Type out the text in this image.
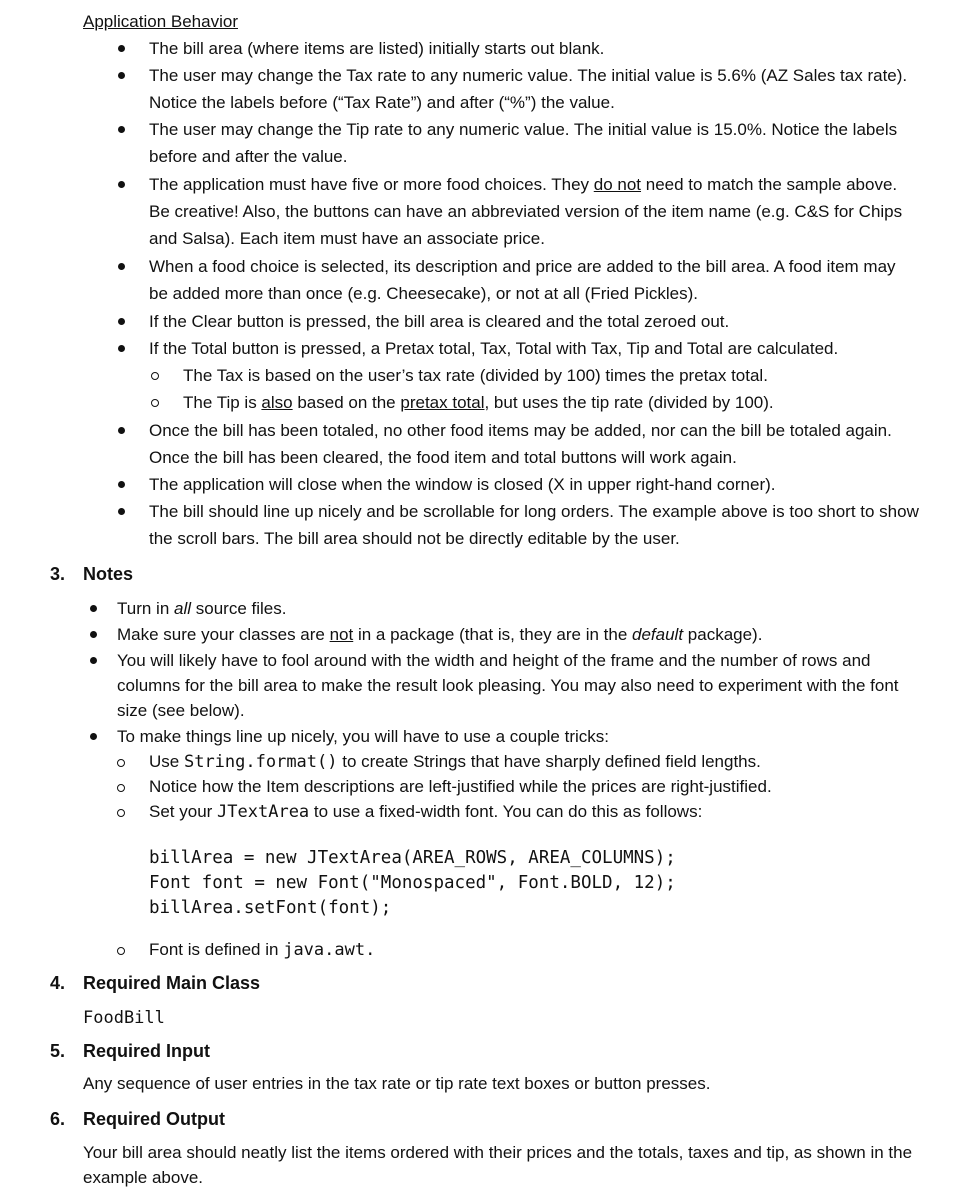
Application Behavior
The bill area (where items are listed) initially starts out blank.
The user may change the Tax rate to any numeric value. The initial value is 5.6% (AZ Sales tax rate). Notice the labels before (“Tax Rate”) and after (“%”) the value.
The user may change the Tip rate to any numeric value. The initial value is 15.0%. Notice the labels before and after the value.
The application must have five or more food choices. They do not need to match the sample above. Be creative! Also, the buttons can have an abbreviated version of the item name (e.g. C&S for Chips and Salsa). Each item must have an associate price.
When a food choice is selected, its description and price are added to the bill area. A food item may be added more than once (e.g. Cheesecake), or not at all (Fried Pickles).
If the Clear button is pressed, the bill area is cleared and the total zeroed out.
If the Total button is pressed, a Pretax total, Tax, Total with Tax, Tip and Total are calculated.
The Tax is based on the user’s tax rate (divided by 100) times the pretax total.
The Tip is also based on the pretax total, but uses the tip rate (divided by 100).
Once the bill has been totaled, no other food items may be added, nor can the bill be totaled again. Once the bill has been cleared, the food item and total buttons will work again.
The application will close when the window is closed (X in upper right-hand corner).
The bill should line up nicely and be scrollable for long orders. The example above is too short to show the scroll bars. The bill area should not be directly editable by the user.
3. Notes
Turn in all source files.
Make sure your classes are not in a package (that is, they are in the default package).
You will likely have to fool around with the width and height of the frame and the number of rows and columns for the bill area to make the result look pleasing. You may also need to experiment with the font size (see below).
To make things line up nicely, you will have to use a couple tricks:
Use String.format() to create Strings that have sharply defined field lengths.
Notice how the Item descriptions are left-justified while the prices are right-justified.
Set your JTextArea to use a fixed-width font. You can do this as follows:
billArea = new JTextArea(AREA_ROWS, AREA_COLUMNS);
Font font = new Font("Monospaced", Font.BOLD, 12);
billArea.setFont(font);
Font is defined in java.awt.
4. Required Main Class
FoodBill
5. Required Input
Any sequence of user entries in the tax rate or tip rate text boxes or button presses.
6. Required Output
Your bill area should neatly list the items ordered with their prices and the totals, taxes and tip, as shown in the example above.
